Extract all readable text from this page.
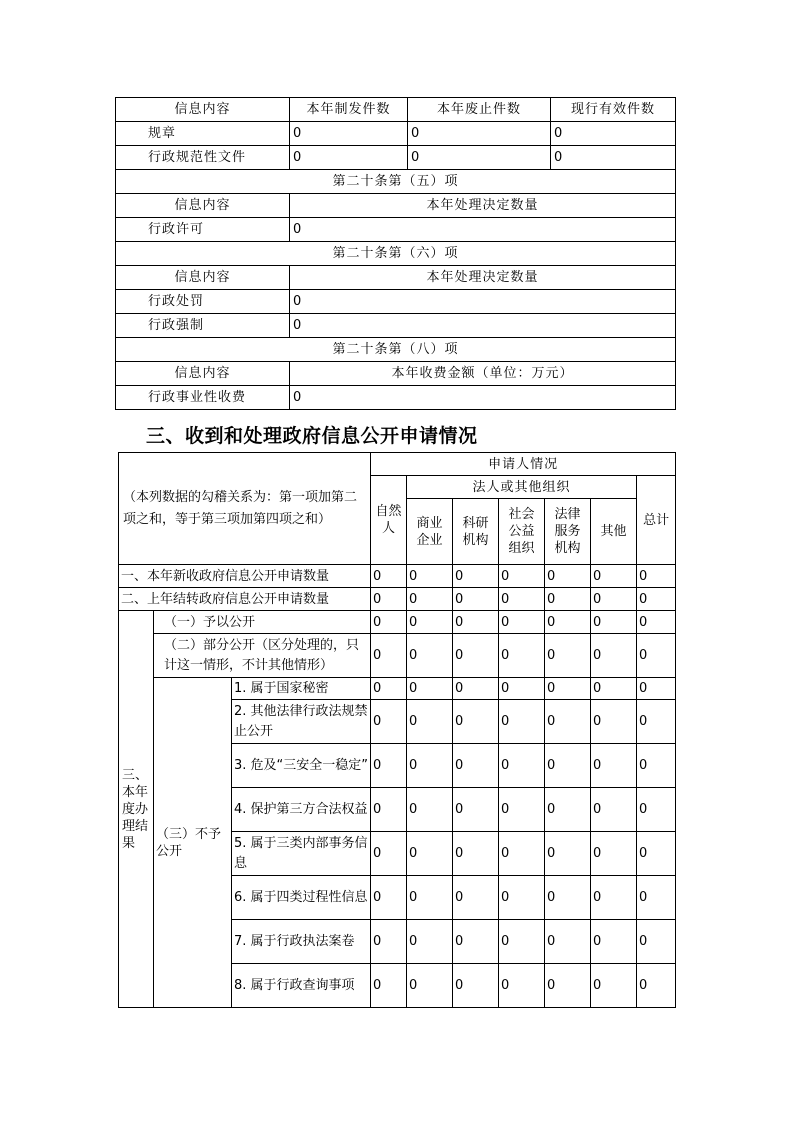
信息内容	本年制发件数	本年废止件数	现行有效件数
规章	0	0	0
行政规范性文件	0	0	0
第二十条第（五）项			
信息内容	本年处理决定数量		
行政许可	0		
第二十条第（六）项			
信息内容	本年处理决定数量		
行政处罚	0		
行政强制	0		
第二十条第（八）项			
信息内容	本年收费金额（单位：万元）		
行政事业性收费	0		
三、收到和处理政府信息公开申请情况
（本列数据的勾稽关系为：第一项加第二项之和，等于第三项加第四项之和）			申请人情况						
			自然人	法人或其他组织					总计
				商业企业	科研机构	社会公益组织	法律服务机构	其他	
一、本年新收政府信息公开申请数量			0	0	0	0	0	0	0
二、上年结转政府信息公开申请数量			0	0	0	0	0	0	0
三、本年度办理结果	（一）予以公开		0	0	0	0	0	0	0
	（二）部分公开（区分处理的，只计这一情形，不计其他情形）		0	0	0	0	0	0	0
	（三）不予公开	1. 属于国家秘密	0	0	0	0	0	0	0
		2. 其他法律行政法规禁止公开	0	0	0	0	0	0	0
		3. 危及“三安全一稳定”	0	0	0	0	0	0	0
		4. 保护第三方合法权益	0	0	0	0	0	0	0
		5. 属于三类内部事务信息	0	0	0	0	0	0	0
		6. 属于四类过程性信息	0	0	0	0	0	0	0
		7. 属于行政执法案卷	0	0	0	0	0	0	0
		8. 属于行政查询事项	0	0	0	0	0	0	0
